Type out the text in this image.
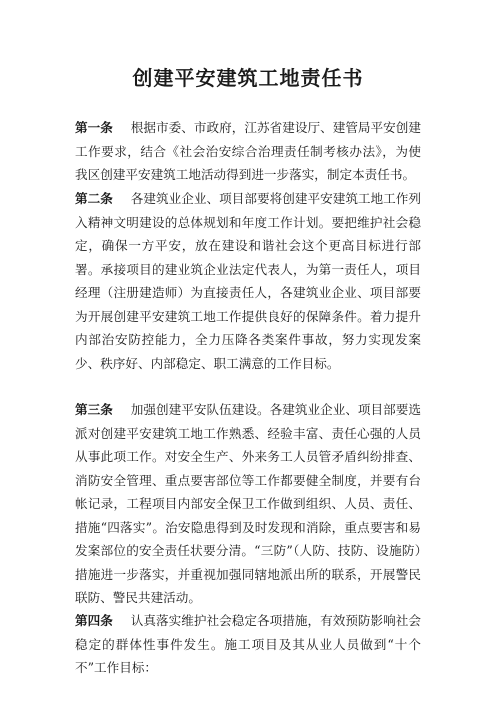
创建平安建筑工地责任书

第一条 根据市委、市政府，江苏省建设厅、建管局平安创建工作要求，结合《社会治安综合治理责任制考核办法》，为使我区创建平安建筑工地活动得到进一步落实，制定本责任书。

第二条 各建筑业企业、项目部要将创建平安建筑工地工作列入精神文明建设的总体规划和年度工作计划。要把维护社会稳定，确保一方平安，放在建设和谐社会这个更高目标进行部署。承接项目的建业筑企业法定代表人，为第一责任人，项目经理（注册建造师）为直接责任人，各建筑业企业、项目部要为开展创建平安建筑工地工作提供良好的保障条件。着力提升内部治安防控能力，全力压降各类案件事故，努力实现发案少、秩序好、内部稳定、职工满意的工作目标。

第三条 加强创建平安队伍建设。各建筑业企业、项目部要选派对创建平安建筑工地工作熟悉、经验丰富、责任心强的人员从事此项工作。对安全生产、外来务工人员管矛盾纠纷排查、消防安全管理、重点要害部位等工作都要健全制度，并要有台帐记录，工程项目内部安全保卫工作做到组织、人员、责任、措施“四落实”。治安隐患得到及时发现和消除，重点要害和易发案部位的安全责任状要分清。“三防”（人防、技防、设施防）措施进一步落实，并重视加强同辖地派出所的联系，开展警民联防、警民共建活动。

第四条 认真落实维护社会稳定各项措施，有效预防影响社会稳定的群体性事件发生。施工项目及其从业人员做到“十个不”工作目标：
